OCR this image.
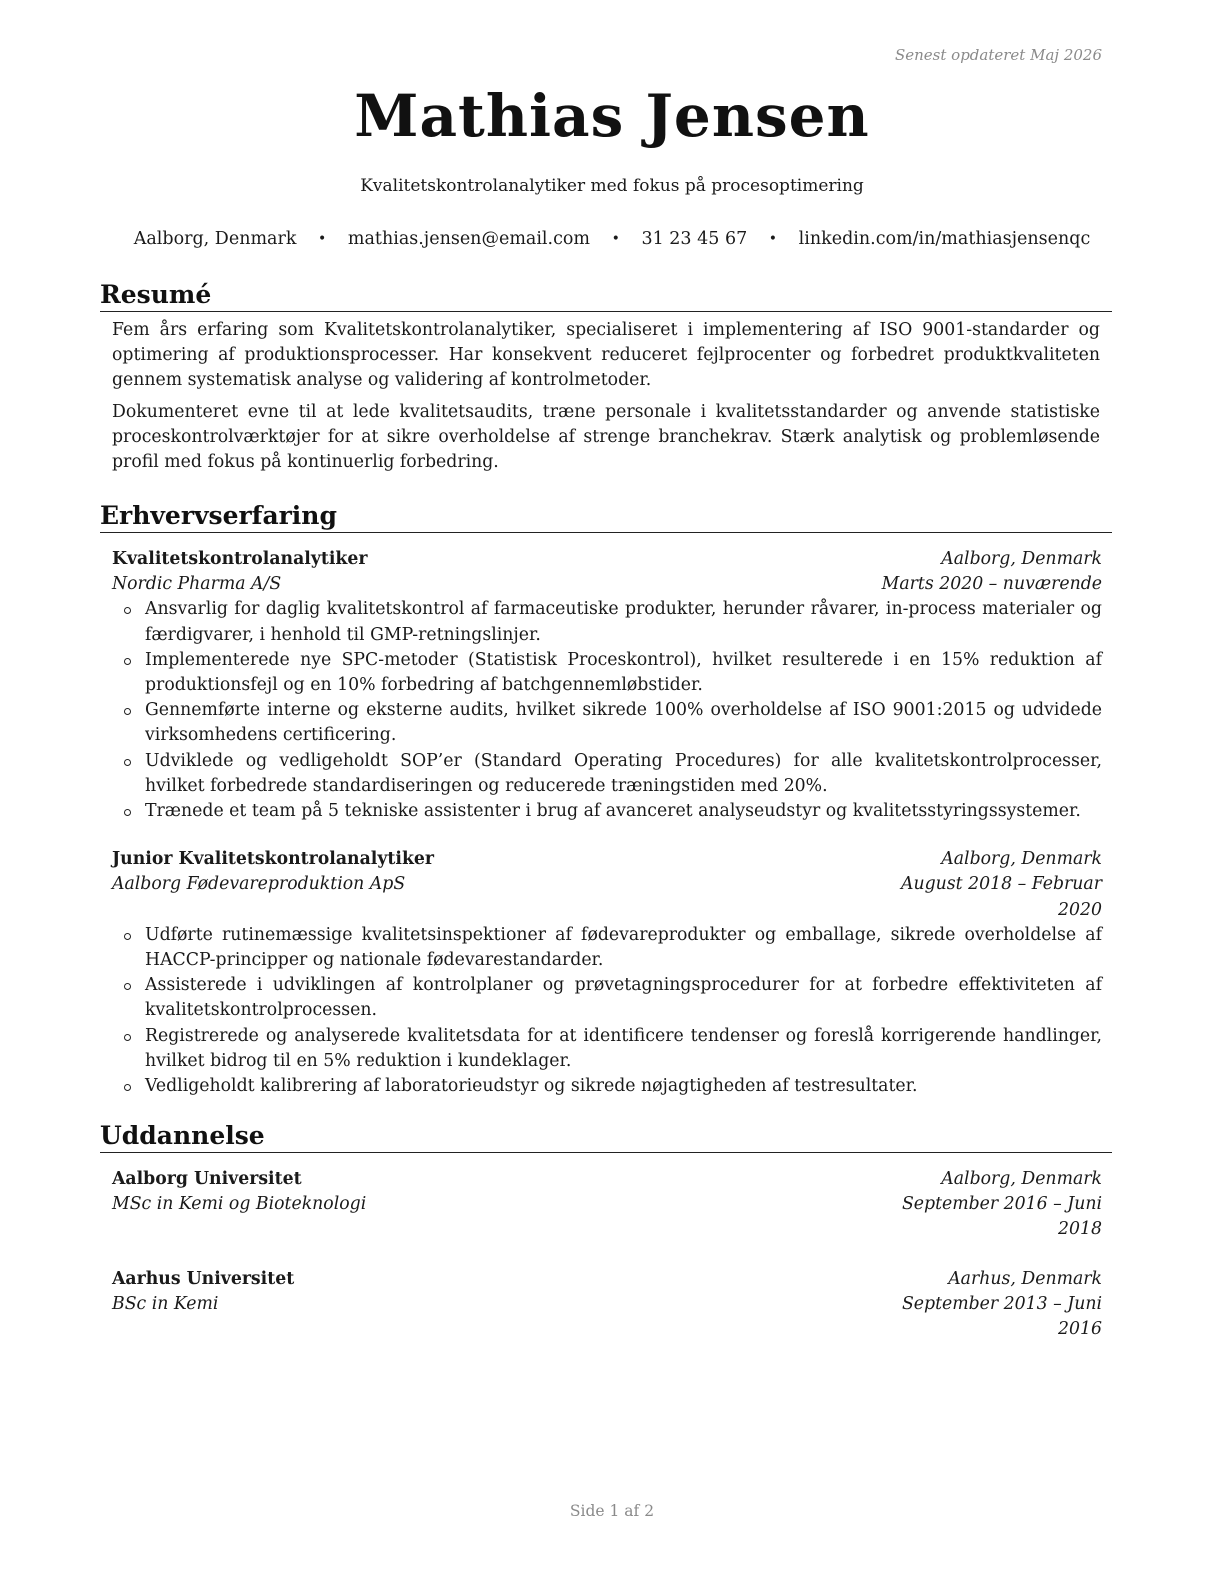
Senest opdateret Maj 2026
Mathias Jensen
Kvalitetskontrolanalytiker med fokus på procesoptimering
Aalborg, Denmark • mathias.jensen@email.com • 31 23 45 67 • linkedin.com/in/mathiasjensenqc
Resumé

Fem års erfaring som Kvalitetskontrolanalytiker, specialiseret i implementering af ISO 9001-standarder og optimering af produktionsprocesser. Har konsekvent reduceret fejlprocenter og forbedret produktkvaliteten gennem systematisk analyse og validering af kontrolmetoder.

Dokumenteret evne til at lede kvalitetsaudits, træne personale i kvalitetsstandarder og anvende statistiske proceskontrolværktøjer for at sikre overholdelse af strenge branchekrav. Stærk analytisk og problemløsende profil med fokus på kontinuerlig forbedring.

Erhvervserfaring
Kvalitetskontrolanalytiker	Aalborg, Denmark
Nordic Pharma A/S	Marts 2020 – nuværende
Ansvarlig for daglig kvalitetskontrol af farmaceutiske produkter, herunder råvarer, in-process materialer og færdigvarer, i henhold til GMP-retningslinjer.
Implementerede nye SPC-metoder (Statistisk Proceskontrol), hvilket resulterede i en 15% reduktion af produktionsfejl og en 10% forbedring af batchgennemløbstider.
Gennemførte interne og eksterne audits, hvilket sikrede 100% overholdelse af ISO 9001:2015 og udvidede virksomhedens certificering.
Udviklede og vedligeholdt SOP’er (Standard Operating Procedures) for alle kvalitetskontrolprocesser, hvilket forbedrede standardiseringen og reducerede træningstiden med 20%.
Trænede et team på 5 tekniske assistenter i brug af avanceret analyseudstyr og kvalitetsstyringssystemer.
Junior Kvalitetskontrolanalytiker	Aalborg, Denmark
Aalborg Fødevareproduktion ApS	August 2018 – Februar 2020
Udførte rutinemæssige kvalitetsinspektioner af fødevareprodukter og emballage, sikrede overholdelse af HACCP-principper og nationale fødevarestandarder.
Assisterede i udviklingen af kontrolplaner og prøvetagningsprocedurer for at forbedre effektiviteten af kvalitetskontrolprocessen.
Registrerede og analyserede kvalitetsdata for at identificere tendenser og foreslå korrigerende handlinger, hvilket bidrog til en 5% reduktion i kundeklager.
Vedligeholdt kalibrering af laboratorieudstyr og sikrede nøjagtigheden af testresultater.
Uddannelse
Aalborg Universitet	Aalborg, Denmark
MSc in Kemi og Bioteknologi	September 2016 – Juni 2018
Aarhus Universitet	Aarhus, Denmark
BSc in Kemi	September 2013 – Juni 2016
Side 1 af 2
